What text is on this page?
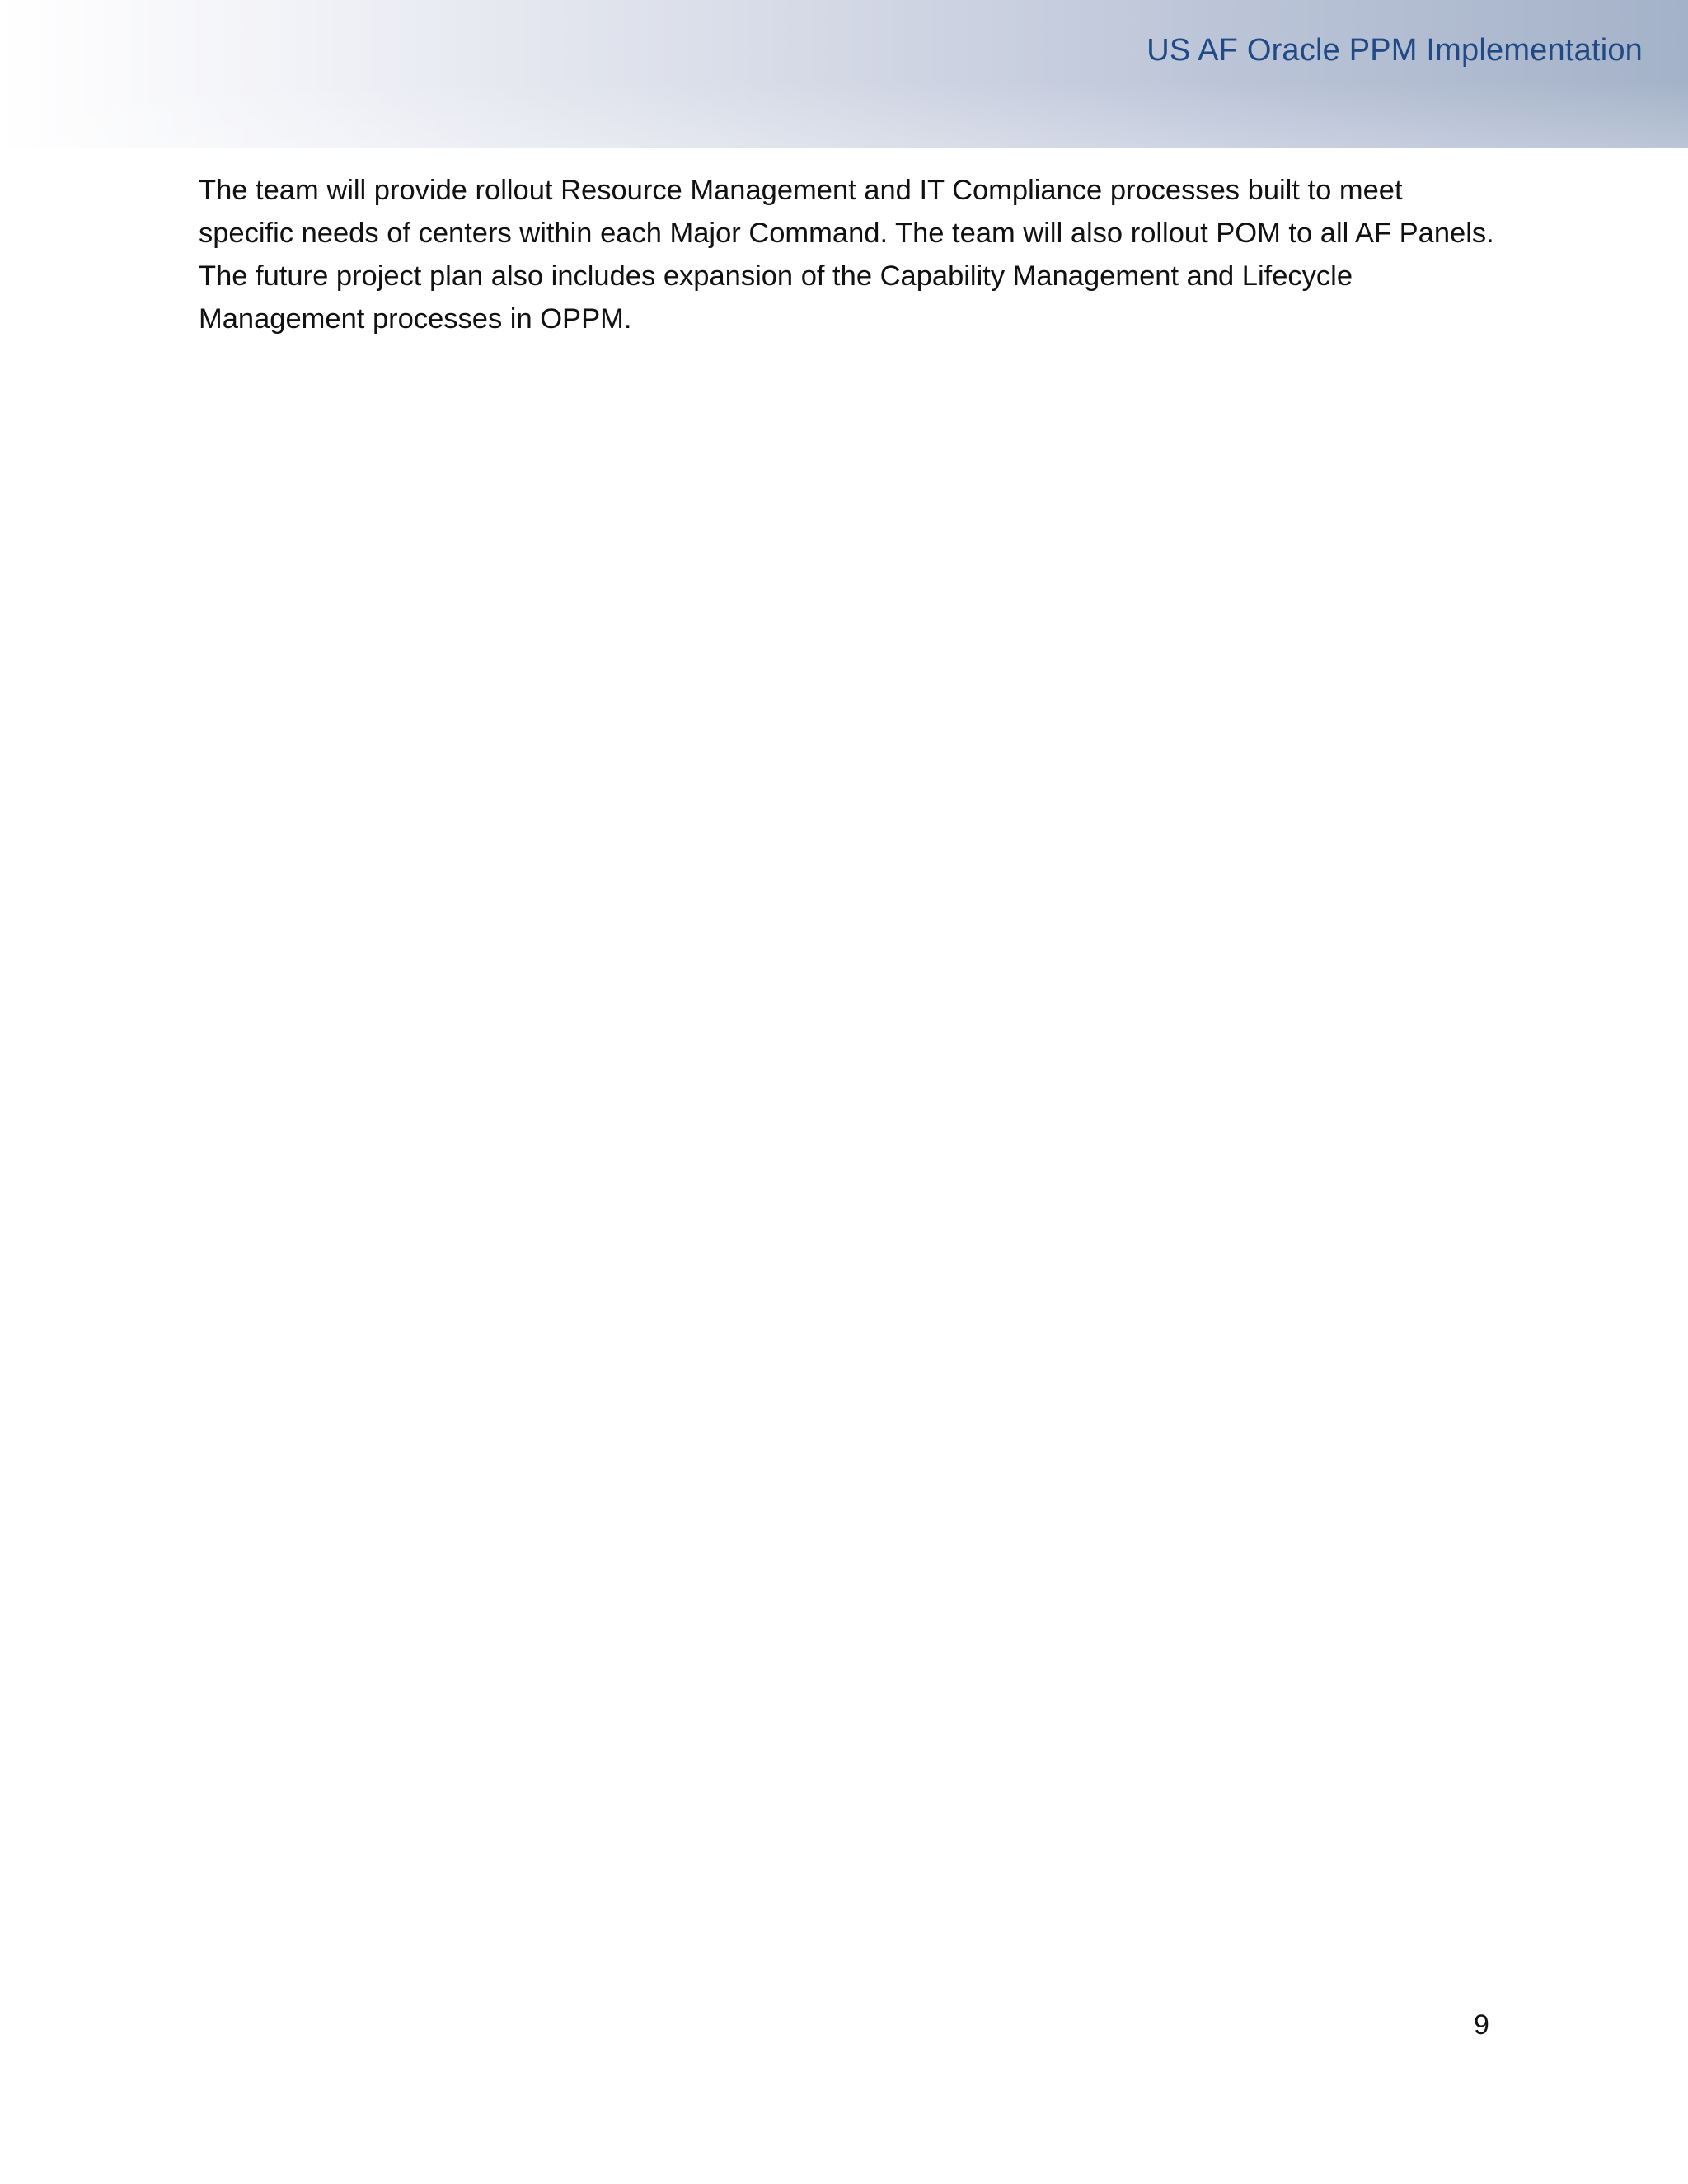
US AF Oracle PPM Implementation

The team will provide rollout Resource Management and IT Compliance processes built to meet specific needs of centers within each Major Command. The team will also rollout POM to all AF Panels. The future project plan also includes expansion of the Capability Management and Lifecycle Management processes in OPPM.

9
